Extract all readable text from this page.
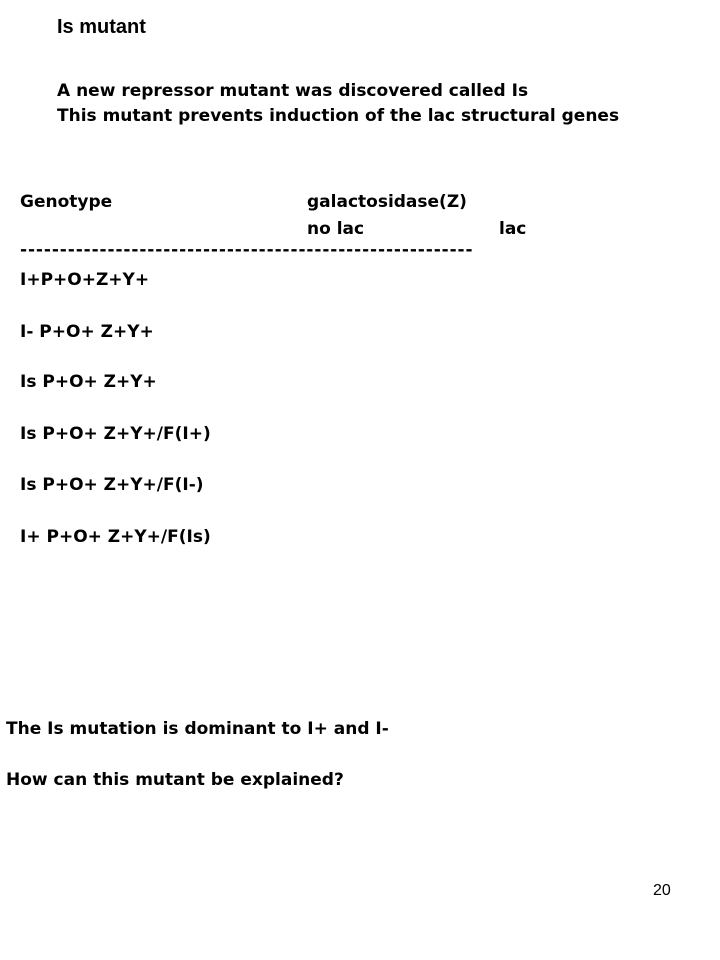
Is mutant
A new repressor mutant was discovered called Is
This mutant prevents induction of the lac structural genes
Genotype	galactosidase(Z)
no lac	lac
---------------------------------------------------------
I+P+O+Z+Y+
I- P+O+ Z+Y+
Is P+O+ Z+Y+
Is P+O+ Z+Y+/F(I+)
Is P+O+ Z+Y+/F(I-)
I+ P+O+ Z+Y+/F(Is)
The Is mutation is dominant to I+ and I-
How can this mutant be explained?
20
